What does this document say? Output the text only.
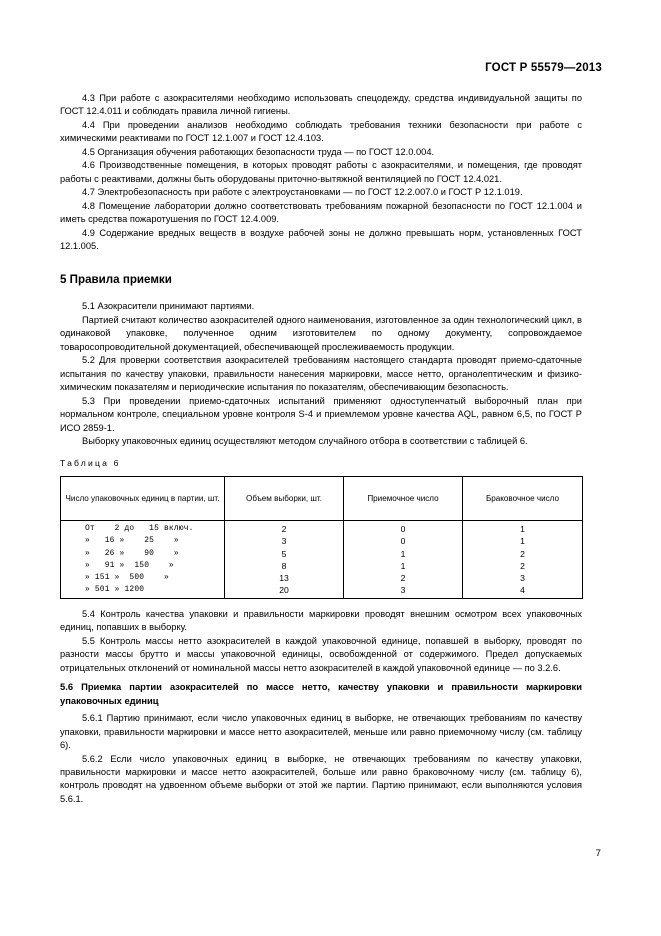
ГОСТ Р 55579—2013

4.3 При работе с азокрасителями необходимо использовать спецодежду, средства индивидуальной защиты по ГОСТ 12.4.011 и соблюдать правила личной гигиены.

4.4 При проведении анализов необходимо соблюдать требования техники безопасности при работе с химическими реактивами по ГОСТ 12.1.007 и ГОСТ 12.4.103.

4.5 Организация обучения работающих безопасности труда — по ГОСТ 12.0.004.

4.6 Производственные помещения, в которых проводят работы с азокрасителями, и помещения, где проводят работы с реактивами, должны быть оборудованы приточно-вытяжной вентиляцией по ГОСТ 12.4.021.

4.7 Электробезопасность при работе с электроустановками — по ГОСТ 12.2.007.0 и ГОСТ Р 12.1.019.

4.8 Помещение лаборатории должно соответствовать требованиям пожарной безопасности по ГОСТ 12.1.004 и иметь средства пожаротушения по ГОСТ 12.4.009.

4.9 Содержание вредных веществ в воздухе рабочей зоны не должно превышать норм, установленных ГОСТ 12.1.005.

5 Правила приемки

5.1 Азокрасители принимают партиями.

Партией считают количество азокрасителей одного наименования, изготовленное за один технологический цикл, в одинаковой упаковке, полученное одним изготовителем по одному документу, сопровождаемое товаросопроводительной документацией, обеспечивающей прослеживаемость продукции.

5.2 Для проверки соответствия азокрасителей требованиям настоящего стандарта проводят приемо-сдаточные испытания по качеству упаковки, правильности нанесения маркировки, массе нетто, органолептическим и физико-химическим показателям и периодические испытания по показателям, обеспечивающим безопасность.

5.3 При проведении приемо-сдаточных испытаний применяют одноступенчатый выборочный план при нормальном контроле, специальном уровне контроля S-4 и приемлемом уровне качества AQL, равном 6,5, по ГОСТ Р ИСО 2859-1.

Выборку упаковочных единиц осуществляют методом случайного отбора в соответствии с таблицей 6.

Таблица 6

Число упаковочных единиц в партии, шт.	Объем выборки, шт.	Приемочное число	Браковочное число
От    2 до   15 включ.	2	0	1
»   16 »    25    »	3	0	1
»   26 »    90    »	5	1	2
»   91 »  150    »	8	1	2
» 151 »  500    »	13	2	3
» 501 » 1200	20	3	4

5.4 Контроль качества упаковки и правильности маркировки проводят внешним осмотром всех упаковочных единиц, попавших в выборку.

5.5 Контроль массы нетто азокрасителей в каждой упаковочной единице, попавшей в выборку, проводят по разности массы брутто и массы упаковочной единицы, освобожденной от содержимого. Предел допускаемых отрицательных отклонений от номинальной массы нетто азокрасителей в каждой упаковочной единице — по 3.2.6.

5.6 Приемка партии азокрасителей по массе нетто, качеству упаковки и правильности маркировки упаковочных единиц

5.6.1 Партию принимают, если число упаковочных единиц в выборке, не отвечающих требованиям по качеству упаковки, правильности маркировки и массе нетто азокрасителей, меньше или равно приемочному числу (см. таблицу 6).

5.6.2 Если число упаковочных единиц в выборке, не отвечающих требованиям по качеству упаковки, правильности маркировки и массе нетто азокрасителей, больше или равно браковочному числу (см. таблицу 6), контроль проводят на удвоенном объеме выборки от этой же партии. Партию принимают, если выполняются условия 5.6.1.

7
